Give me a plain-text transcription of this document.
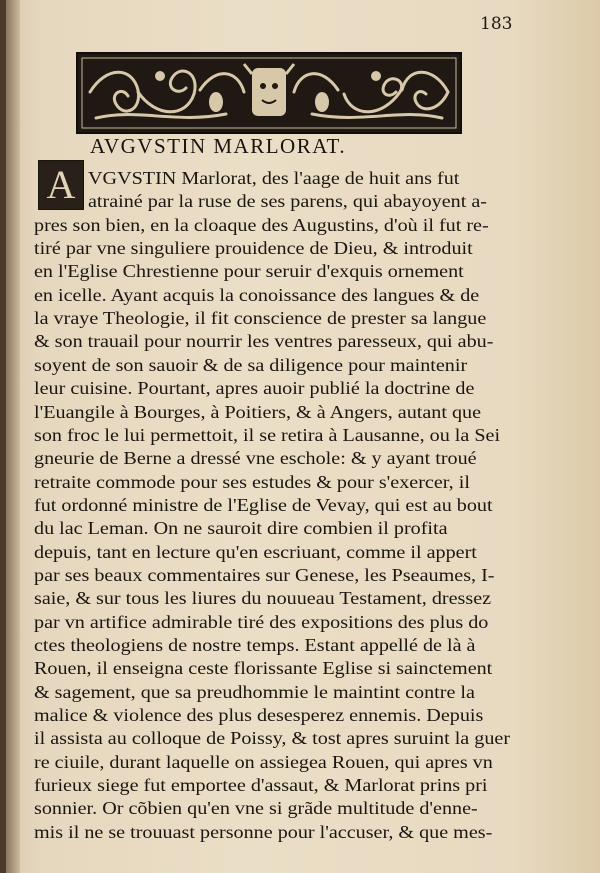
183
AVGVSTIN MARLORAT.
A VGVSTIN Marlorat, des l'aage de huit ans fut
atrainé par la ruse de ses parens, qui abayoyent a-
pres son bien, en la cloaque des Augustins, d'où il fut re-
tiré par vne singuliere prouidence de Dieu, & introduit
en l'Eglise Chrestienne pour seruir d'exquis ornement
en icelle. Ayant acquis la conoissance des langues & de
la vraye Theologie, il fit conscience de prester sa langue
& son trauail pour nourrir les ventres paresseux, qui abu-
soyent de son sauoir & de sa diligence pour maintenir
leur cuisine. Pourtant, apres auoir publié la doctrine de
l'Euangile à Bourges, à Poitiers, & à Angers, autant que
son froc le lui permettoit, il se retira à Lausanne, ou la Sei
gneurie de Berne a dressé vne eschole: & y ayant troué
retraite commode pour ses estudes & pour s'exercer, il
fut ordonné ministre de l'Eglise de Vevay, qui est au bout
du lac Leman. On ne sauroit dire combien il profita
depuis, tant en lecture qu'en escriuant, comme il appert
par ses beaux commentaires sur Genese, les Pseaumes, I-
saie, & sur tous les liures du nouueau Testament, dressez
par vn artifice admirable tiré des expositions des plus do
ctes theologiens de nostre temps. Estant appellé de là à
Rouen, il enseigna ceste florissante Eglise si sainctement
& sagement, que sa preudhommie le maintint contre la
malice & violence des plus desesperez ennemis. Depuis
il assista au colloque de Poissy, & tost apres suruint la guer
re ciuile, durant laquelle on assiegea Rouen, qui apres vn
furieux siege fut emportee d'assaut, & Marlorat prins pri
sonnier. Or cõbien qu'en vne si grãde multitude d'enne-
mis il ne se trouuast personne pour l'accuser, & que mes-
